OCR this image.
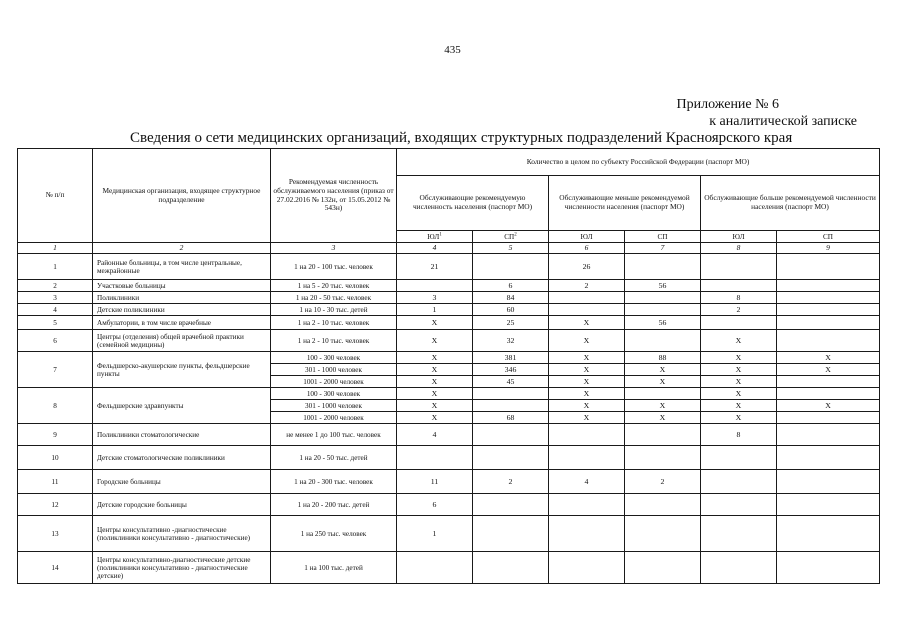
435
Приложение № 6
к аналитической записке
Сведения о сети медицинских организаций, входящих структурных подразделений Красноярского края
№ п/п	Медицинская организация, входящее структурное подразделение	Рекомендуемая численность обслуживаемого населения (приказ от 27.02.2016 № 132н, от 15.05.2012 № 543н)	Количество в целом по субъекту Российской Федерации (паспорт МО)					
			Обслуживающие рекомендуемую численность населения (паспорт МО)		Обслуживающие меньше рекомендуемой численности населения (паспорт МО)		Обслуживающие больше рекомендуемой численности населения (паспорт МО)	
			$ЮЛ^1$	$СП^2$	ЮЛ	СП	ЮЛ	СП
1	2	3	4	5	6	7	8	9
1	Районные больницы, в том числе центральные, межрайонные	1 на 20 - 100 тыс. человек	21		26			
2	Участковые больницы	1 на 5 - 20 тыс. человек		6	2	56		
3	Поликлиники	1 на 20 - 50 тыс. человек	3	84			8	
4	Детские поликлиники	1 на 10 - 30 тыс. детей	1	60			2	
5	Амбулатории, в том числе врачебные	1 на 2 - 10 тыс. человек	Х	25	Х	56		
6	Центры (отделения) общей врачебной практики (семейной медицины)	1 на 2 - 10 тыс. человек	Х	32	Х		Х	
7	Фельдшерско-акушерские пункты, фельдшерские пункты	100 - 300 человек	Х	381	Х	88	Х	Х
		301 - 1000 человек	Х	346	Х	Х	Х	Х
		1001 - 2000 человек	Х	45	Х	Х	Х	
8	Фельдшерские здравпункты	100 - 300 человек	Х		Х		Х	
		301 - 1000 человек	Х		Х	Х	Х	Х
		1001 - 2000 человек	Х	68	Х	Х	Х	
9	Поликлиники стоматологические	не менее 1 до 100 тыс. человек	4				8	
10	Детские стоматологические поликлиники	1 на 20 - 50 тыс. детей						
11	Городские больницы	1 на 20 - 300 тыс. человек	11	2	4	2		
12	Детские городские больницы	1 на 20 - 200 тыс. детей	6					
13	Центры консультативно -диагностические (поликлиники консультативно - диагностические)	1 на 250 тыс. человек	1					
14	Центры консультативно-диагностические детские (поликлиники консультативно - диагностические детские)	1 на 100 тыс. детей						
